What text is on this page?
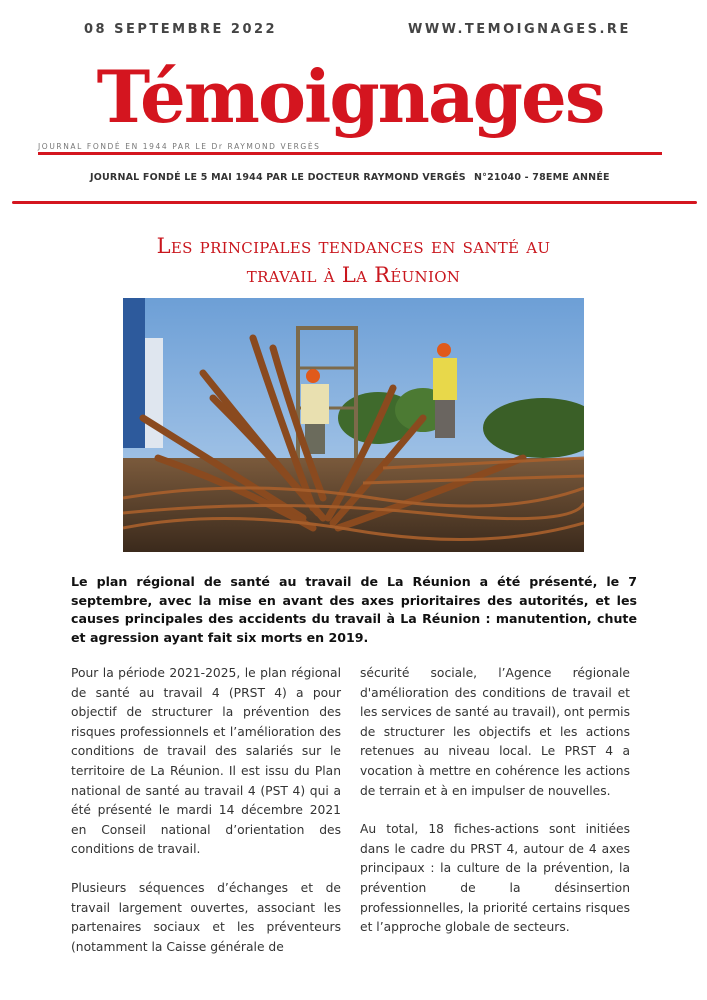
08 SEPTEMBRE 2022	WWW.TEMOIGNAGES.RE
Témoignages
JOURNAL FONDÉ EN 1944 PAR LE Dr RAYMOND VERGÈS
JOURNAL FONDÉ LE 5 MAI 1944 PAR LE DOCTEUR RAYMOND VERGÉS N°21040 - 78EME ANNÉE
Les principales tendances en santé au
travail à La Réunion
Le plan régional de santé au travail de La Réunion a été présenté, le 7 septembre, avec la mise en avant des axes prioritaires des autorités, et les causes principales des accidents du travail à La Réunion : manutention, chute et agression ayant fait six morts en 2019.

Pour la période 2021-2025, le plan régional de santé au travail 4 (PRST 4) a pour objectif de structurer la prévention des risques professionnels et l’amélioration des conditions de travail des salariés sur le territoire de La Réunion. Il est issu du Plan national de santé au travail 4 (PST 4) qui a été présenté le mardi 14 décembre 2021 en Conseil national d’orientation des conditions de travail.

Plusieurs séquences d’échanges et de travail largement ouvertes, associant les partenaires sociaux et les préventeurs (notamment la Caisse générale de

sécurité sociale, l’Agence régionale d'amélioration des conditions de travail et les services de santé au travail), ont permis de structurer les objectifs et les actions retenues au niveau local. Le PRST 4 a vocation à mettre en cohérence les actions de terrain et à en impulser de nouvelles.

Au total, 18 fiches-actions sont initiées dans le cadre du PRST 4, autour de 4 axes principaux : la culture de la prévention, la prévention de la désinsertion professionnelles, la priorité certains risques et l’approche globale de secteurs.
